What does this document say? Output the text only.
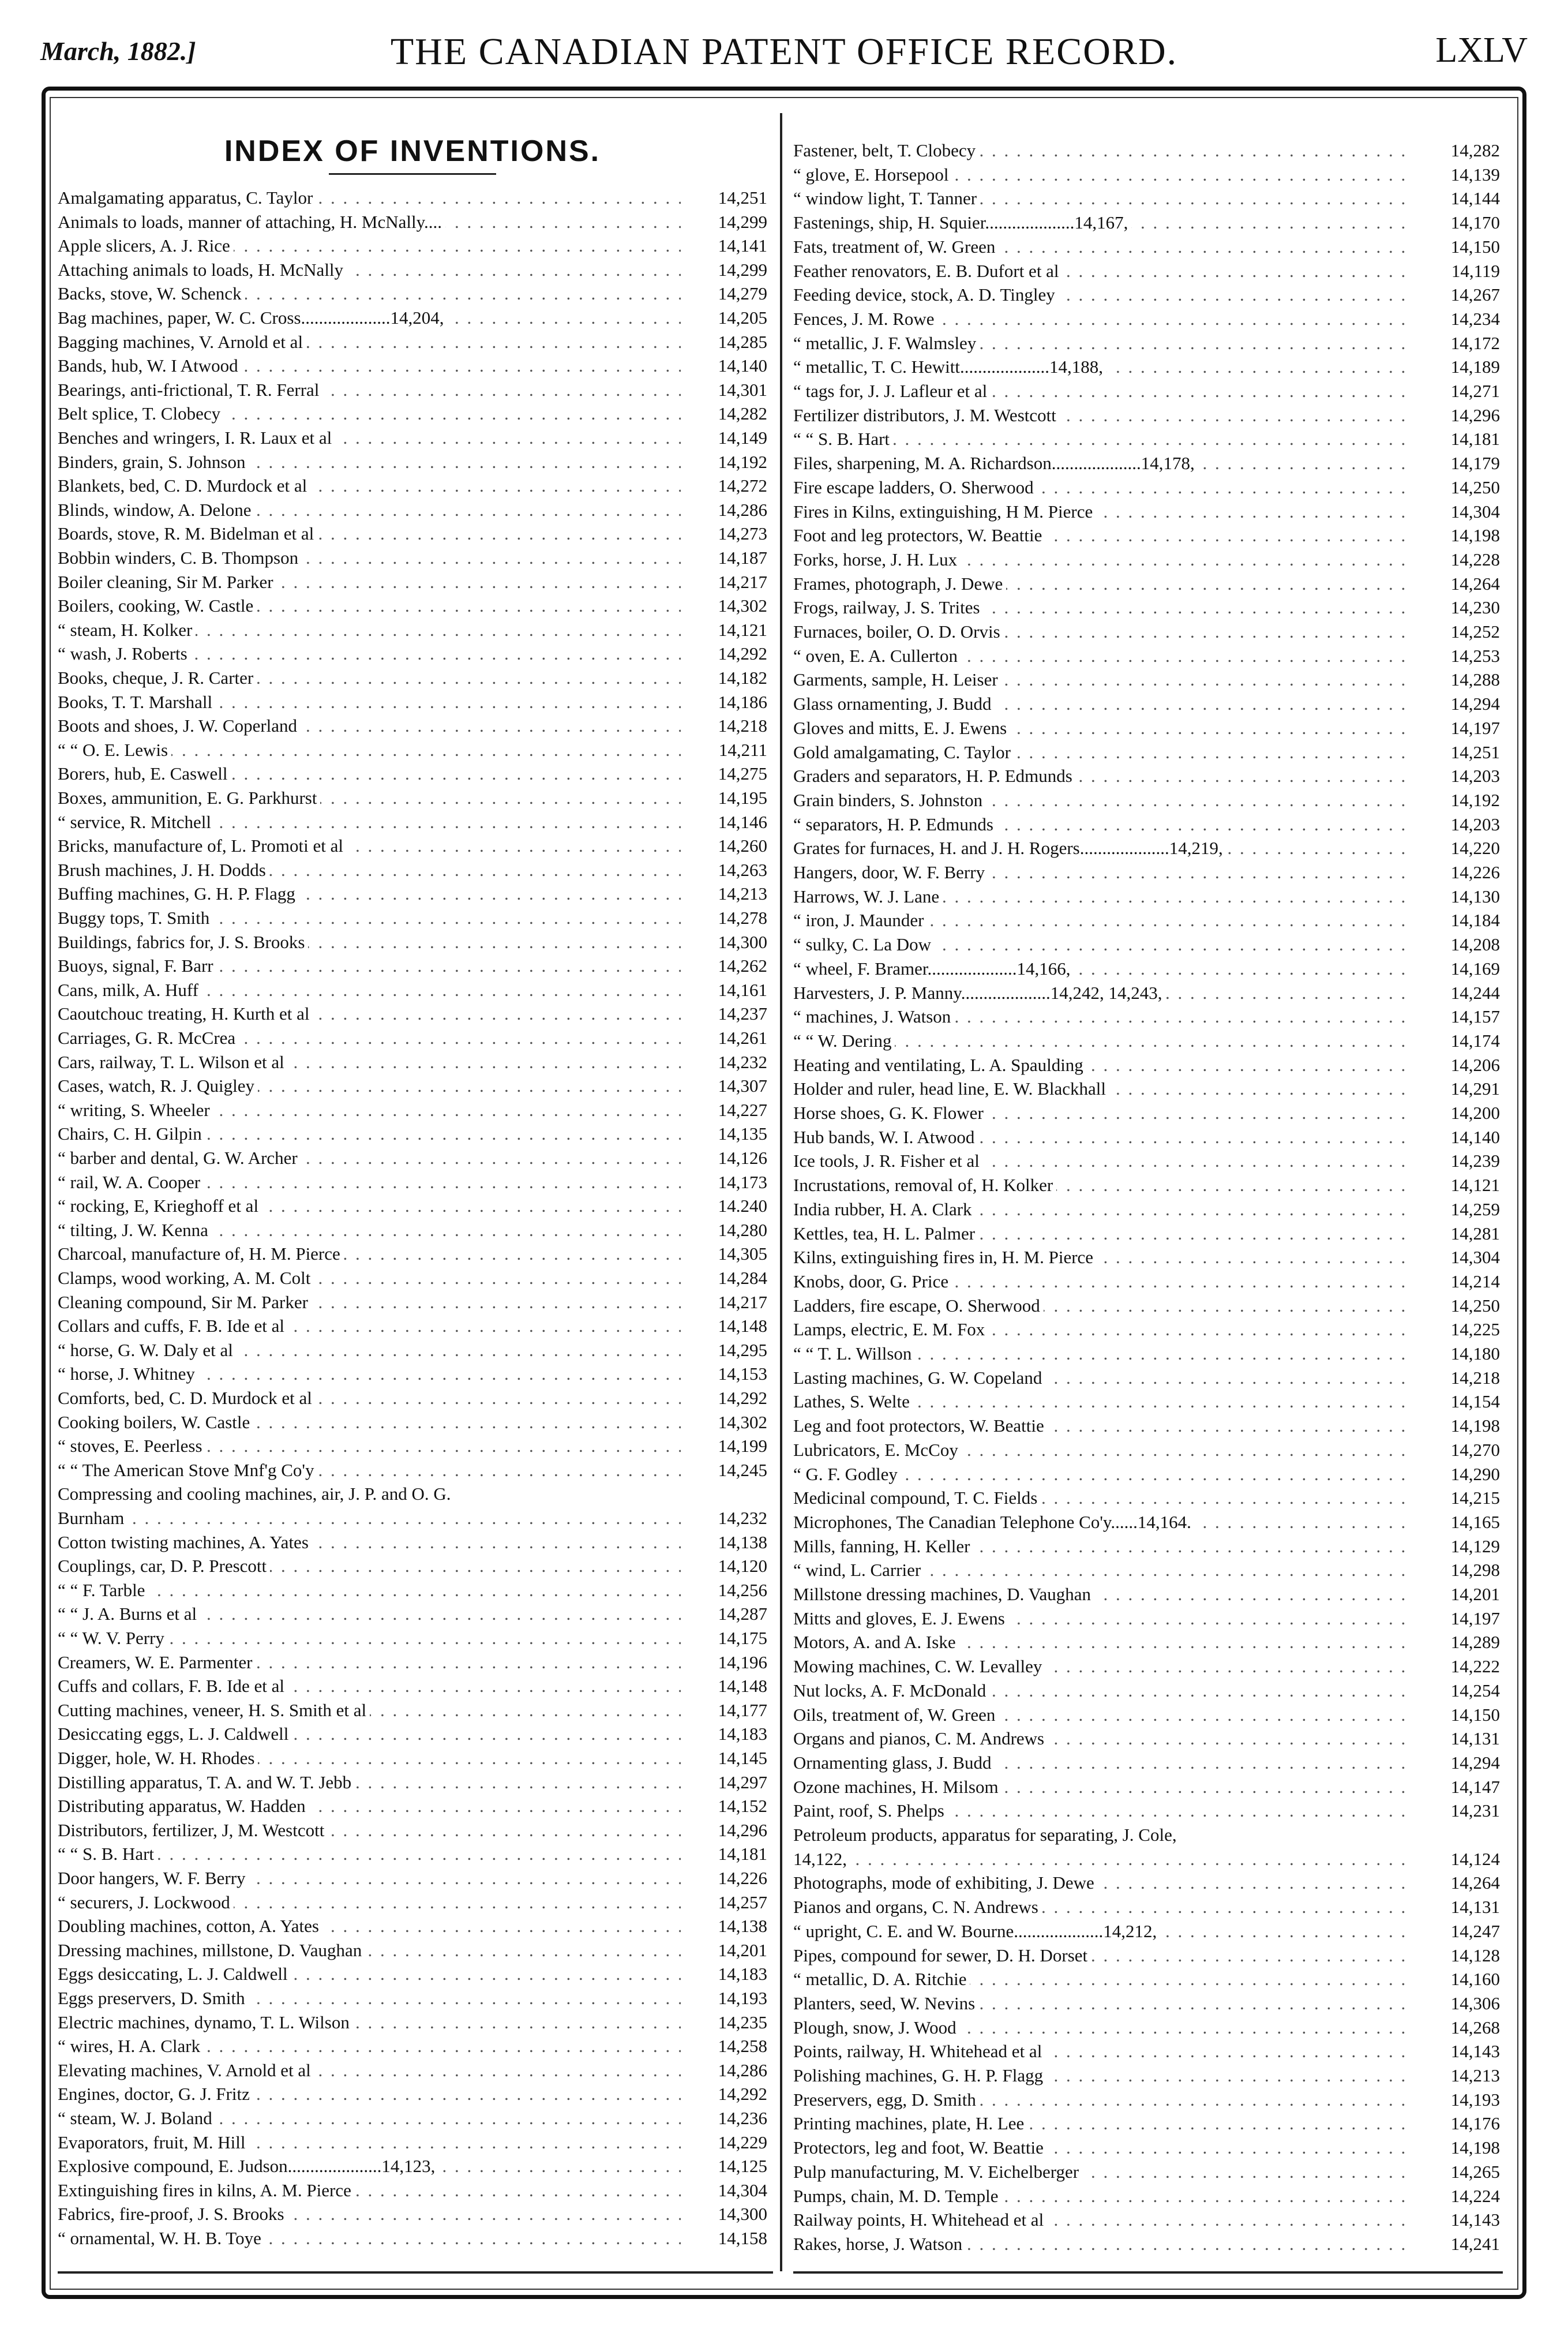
March, 1882.]	THE CANADIAN PATENT OFFICE RECORD.	LXLV
INDEX OF INVENTIONS.
. . .
Amalgamating apparatus, C. Taylor	14,251
. . .
Animals to loads, manner of attaching, H. McNally....	14,299
. . .
Apple slicers, A. J. Rice	14,141
. . .
Attaching animals to loads, H. McNally	14,299
. . .
Backs, stove, W. Schenck	14,279
. . .
Bag machines, paper, W. C. Cross....................14,204,	14,205
. . .
Bagging machines, V. Arnold et al	14,285
. . .
Bands, hub, W. I Atwood	14,140
. . .
Bearings, anti-frictional, T. R. Ferral	14,301
. . .
Belt splice, T. Clobecy	14,282
. . .
Benches and wringers, I. R. Laux et al	14,149
. . .
Binders, grain, S. Johnson	14,192
. . .
Blankets, bed, C. D. Murdock et al	14,272
. . .
Blinds, window, A. Delone	14,286
. . .
Boards, stove, R. M. Bidelman et al	14,273
. . .
Bobbin winders, C. B. Thompson	14,187
. . .
Boiler cleaning, Sir M. Parker	14,217
. . .
Boilers, cooking, W. Castle	14,302
. . .
“ steam, H. Kolker	14,121
. . .
“ wash, J. Roberts	14,292
. . .
Books, cheque, J. R. Carter	14,182
. . .
Books, T. T. Marshall	14,186
. . .
Boots and shoes, J. W. Coperland	14,218
. . .
“ “ O. E. Lewis	14,211
. . .
Borers, hub, E. Caswell	14,275
. . .
Boxes, ammunition, E. G. Parkhurst	14,195
. . .
“ service, R. Mitchell	14,146
. . .
Bricks, manufacture of, L. Promoti et al	14,260
. . .
Brush machines, J. H. Dodds	14,263
. . .
Buffing machines, G. H. P. Flagg	14,213
. . .
Buggy tops, T. Smith	14,278
. . .
Buildings, fabrics for, J. S. Brooks	14,300
. . .
Buoys, signal, F. Barr	14,262
. . .
Cans, milk, A. Huff	14,161
. . .
Caoutchouc treating, H. Kurth et al	14,237
. . .
Carriages, G. R. McCrea	14,261
. . .
Cars, railway, T. L. Wilson et al	14,232
. . .
Cases, watch, R. J. Quigley	14,307
. . .
“ writing, S. Wheeler	14,227
. . .
Chairs, C. H. Gilpin	14,135
. . .
“ barber and dental, G. W. Archer	14,126
. . .
“ rail, W. A. Cooper	14,173
. . .
“ rocking, E, Krieghoff et al	14.240
. . .
“ tilting, J. W. Kenna	14,280
. . .
Charcoal, manufacture of, H. M. Pierce	14,305
. . .
Clamps, wood working, A. M. Colt	14,284
. . .
Cleaning compound, Sir M. Parker	14,217
. . .
Collars and cuffs, F. B. Ide et al	14,148
. . .
“ horse, G. W. Daly et al	14,295
. . .
“ horse, J. Whitney	14,153
. . .
Comforts, bed, C. D. Murdock et al	14,292
. . .
Cooking boilers, W. Castle	14,302
. . .
“ stoves, E. Peerless	14,199
. . .
“ “ The American Stove Mnf'g Co'y	14,245
Compressing and cooling machines, air, J. P. and O. G.
. . .
Burnham	14,232
. . .
Cotton twisting machines, A. Yates	14,138
. . .
Couplings, car, D. P. Prescott	14,120
. . .
“ “ F. Tarble	14,256
. . .
“ “ J. A. Burns et al	14,287
. . .
“ “ W. V. Perry	14,175
. . .
Creamers, W. E. Parmenter	14,196
. . .
Cuffs and collars, F. B. Ide et al	14,148
. . .
Cutting machines, veneer, H. S. Smith et al	14,177
. . .
Desiccating eggs, L. J. Caldwell	14,183
. . .
Digger, hole, W. H. Rhodes	14,145
. . .
Distilling apparatus, T. A. and W. T. Jebb	14,297
. . .
Distributing apparatus, W. Hadden	14,152
. . .
Distributors, fertilizer, J, M. Westcott	14,296
. . .
“ “ S. B. Hart	14,181
. . .
Door hangers, W. F. Berry	14,226
. . .
“ securers, J. Lockwood	14,257
. . .
Doubling machines, cotton, A. Yates	14,138
. . .
Dressing machines, millstone, D. Vaughan	14,201
. . .
Eggs desiccating, L. J. Caldwell	14,183
. . .
Eggs preservers, D. Smith	14,193
. . .
Electric machines, dynamo, T. L. Wilson	14,235
. . .
“ wires, H. A. Clark	14,258
. . .
Elevating machines, V. Arnold et al	14,286
. . .
Engines, doctor, G. J. Fritz	14,292
. . .
“ steam, W. J. Boland	14,236
. . .
Evaporators, fruit, M. Hill	14,229
. . .
Explosive compound, E. Judson.....................14,123,	14,125
. . .
Extinguishing fires in kilns, A. M. Pierce	14,304
. . .
Fabrics, fire-proof, J. S. Brooks	14,300
. . .
“ ornamental, W. H. B. Toye	14,158
. . .
Fastener, belt, T. Clobecy	14,282
. . .
“ glove, E. Horsepool	14,139
. . .
“ window light, T. Tanner	14,144
. . .
Fastenings, ship, H. Squier....................14,167,	14,170
. . .
Fats, treatment of, W. Green	14,150
. . .
Feather renovators, E. B. Dufort et al	14,119
. . .
Feeding device, stock, A. D. Tingley	14,267
. . .
Fences, J. M. Rowe	14,234
. . .
“ metallic, J. F. Walmsley	14,172
. . .
“ metallic, T. C. Hewitt....................14,188,	14,189
. . .
“ tags for, J. J. Lafleur et al	14,271
. . .
Fertilizer distributors, J. M. Westcott	14,296
. . .
“ “ S. B. Hart	14,181
. . .
Files, sharpening, M. A. Richardson....................14,178,	14,179
. . .
Fire escape ladders, O. Sherwood	14,250
. . .
Fires in Kilns, extinguishing, H M. Pierce	14,304
. . .
Foot and leg protectors, W. Beattie	14,198
. . .
Forks, horse, J. H. Lux	14,228
. . .
Frames, photograph, J. Dewe	14,264
. . .
Frogs, railway, J. S. Trites	14,230
. . .
Furnaces, boiler, O. D. Orvis	14,252
. . .
“ oven, E. A. Cullerton	14,253
. . .
Garments, sample, H. Leiser	14,288
. . .
Glass ornamenting, J. Budd	14,294
. . .
Gloves and mitts, E. J. Ewens	14,197
. . .
Gold amalgamating, C. Taylor	14,251
. . .
Graders and separators, H. P. Edmunds	14,203
. . .
Grain binders, S. Johnston	14,192
. . .
“ separators, H. P. Edmunds	14,203
. . .
Grates for furnaces, H. and J. H. Rogers....................14,219,	14,220
. . .
Hangers, door, W. F. Berry	14,226
. . .
Harrows, W. J. Lane	14,130
. . .
“ iron, J. Maunder	14,184
. . .
“ sulky, C. La Dow	14,208
. . .
“ wheel, F. Bramer....................14,166,	14,169
. . .
Harvesters, J. P. Manny....................14,242, 14,243,	14,244
. . .
“ machines, J. Watson	14,157
. . .
“ “ W. Dering	14,174
. . .
Heating and ventilating, L. A. Spaulding	14,206
. . .
Holder and ruler, head line, E. W. Blackhall	14,291
. . .
Horse shoes, G. K. Flower	14,200
. . .
Hub bands, W. I. Atwood	14,140
. . .
Ice tools, J. R. Fisher et al	14,239
. . .
Incrustations, removal of, H. Kolker	14,121
. . .
India rubber, H. A. Clark	14,259
. . .
Kettles, tea, H. L. Palmer	14,281
. . .
Kilns, extinguishing fires in, H. M. Pierce	14,304
. . .
Knobs, door, G. Price	14,214
. . .
Ladders, fire escape, O. Sherwood	14,250
. . .
Lamps, electric, E. M. Fox	14,225
. . .
“ “ T. L. Willson	14,180
. . .
Lasting machines, G. W. Copeland	14,218
. . .
Lathes, S. Welte	14,154
. . .
Leg and foot protectors, W. Beattie	14,198
. . .
Lubricators, E. McCoy	14,270
. . .
“ G. F. Godley	14,290
. . .
Medicinal compound, T. C. Fields	14,215
. . .
Microphones, The Canadian Telephone Co'y......14,164.	14,165
. . .
Mills, fanning, H. Keller	14,129
. . .
“ wind, L. Carrier	14,298
. . .
Millstone dressing machines, D. Vaughan	14,201
. . .
Mitts and gloves, E. J. Ewens	14,197
. . .
Motors, A. and A. Iske	14,289
. . .
Mowing machines, C. W. Levalley	14,222
. . .
Nut locks, A. F. McDonald	14,254
. . .
Oils, treatment of, W. Green	14,150
. . .
Organs and pianos, C. M. Andrews	14,131
. . .
Ornamenting glass, J. Budd	14,294
. . .
Ozone machines, H. Milsom	14,147
. . .
Paint, roof, S. Phelps	14,231
Petroleum products, apparatus for separating, J. Cole,
. . .
14,122,	14,124
. . .
Photographs, mode of exhibiting, J. Dewe	14,264
. . .
Pianos and organs, C. N. Andrews	14,131
. . .
“ upright, C. E. and W. Bourne....................14,212,	14,247
. . .
Pipes, compound for sewer, D. H. Dorset	14,128
. . .
“ metallic, D. A. Ritchie	14,160
. . .
Planters, seed, W. Nevins	14,306
. . .
Plough, snow, J. Wood	14,268
. . .
Points, railway, H. Whitehead et al	14,143
. . .
Polishing machines, G. H. P. Flagg	14,213
. . .
Preservers, egg, D. Smith	14,193
. . .
Printing machines, plate, H. Lee	14,176
. . .
Protectors, leg and foot, W. Beattie	14,198
. . .
Pulp manufacturing, M. V. Eichelberger	14,265
. . .
Pumps, chain, M. D. Temple	14,224
. . .
Railway points, H. Whitehead et al	14,143
. . .
Rakes, horse, J. Watson	14,241
